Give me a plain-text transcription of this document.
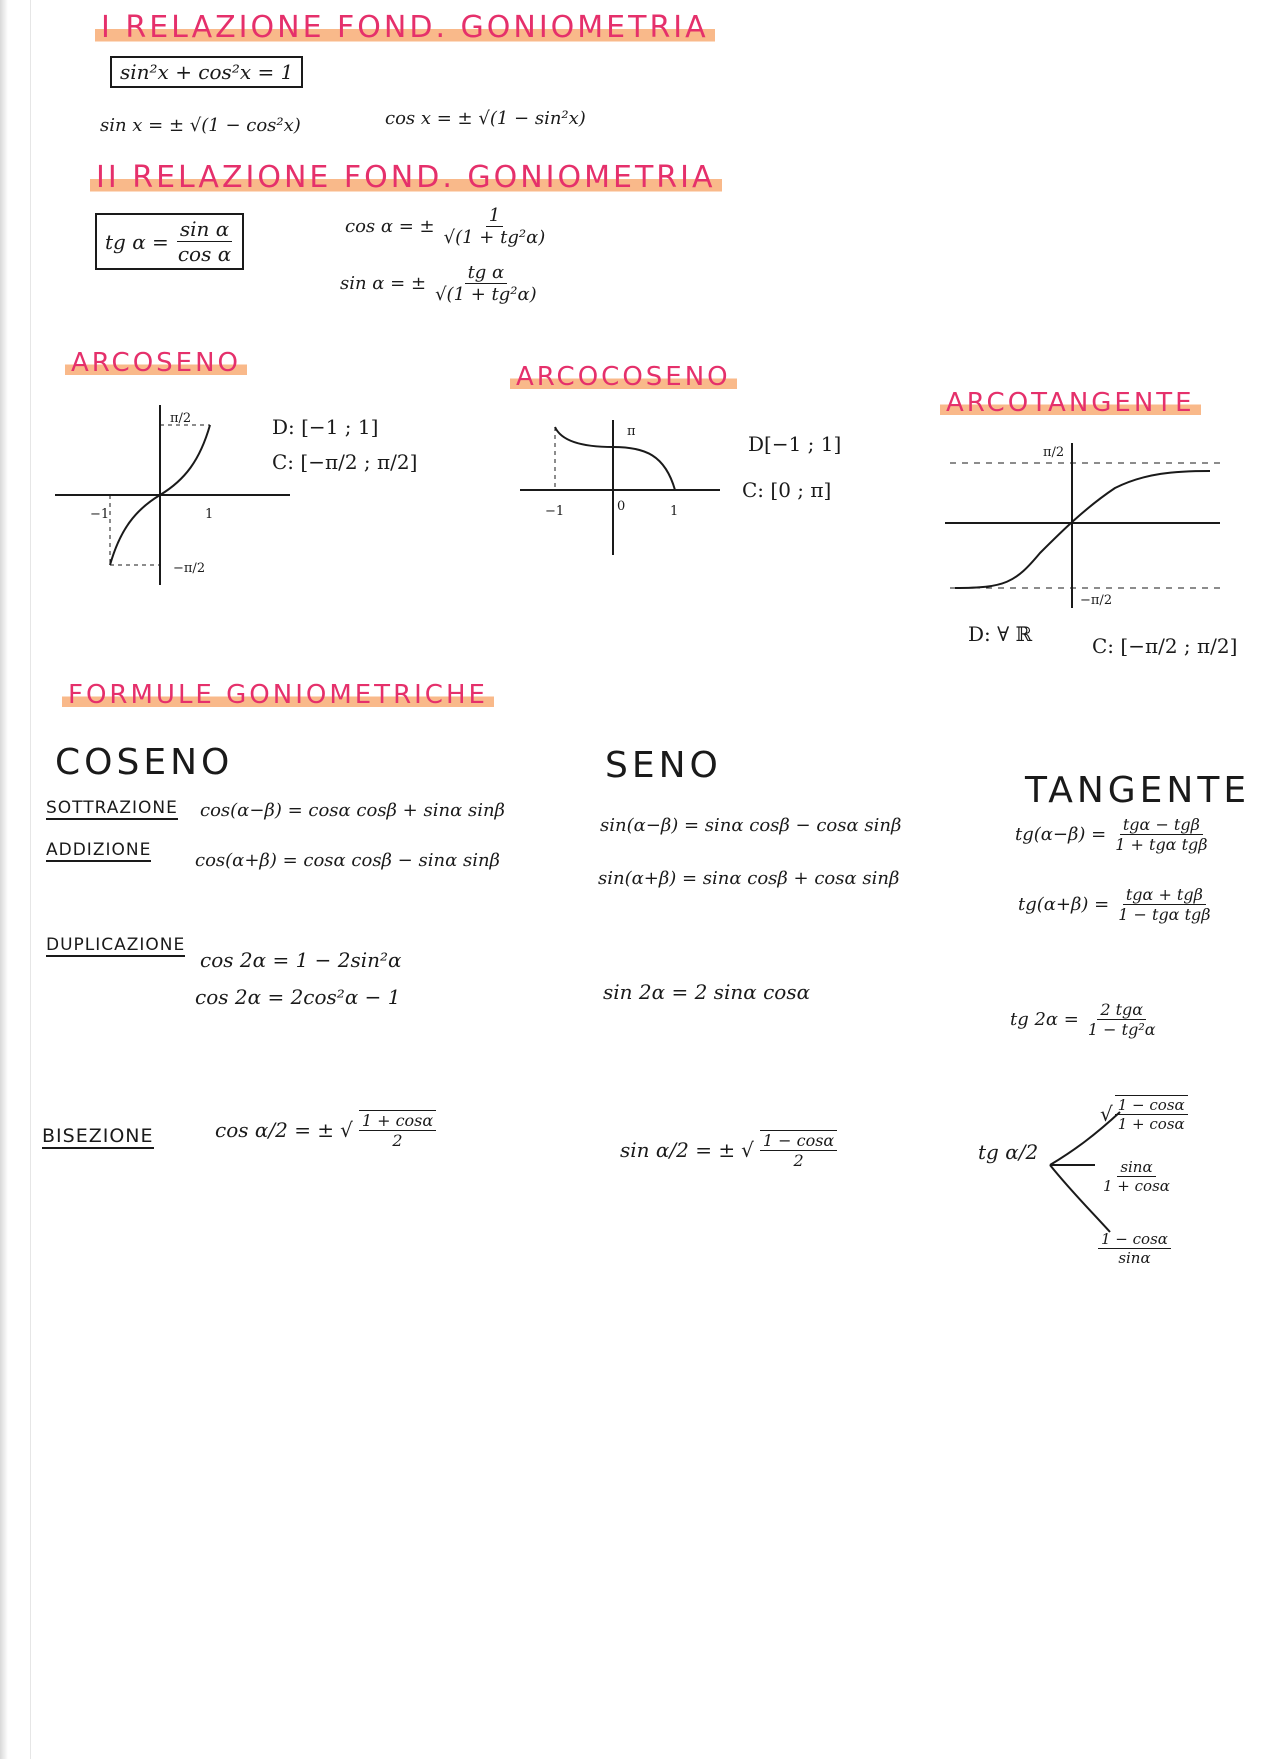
I RELAZIONE FOND. GONIOMETRIA
sin²x + cos²x = 1
sin x = ± √(1 − cos²x)	cos x = ± √(1 − sin²x)
II RELAZIONE FOND. GONIOMETRIA
tg $\alpha = \frac{\text{sin α}}{\text{cos α}}$	cos α = ± $\frac{1}{\text{√(1 + tg²α)}}$
sin α = ± $\frac{\text{tg α}}{\text{√(1 + tg²α)}}$
ARCOSENO
π/2
−π/2
−1	1
D: [−1 ; 1]
C: [−π/2 ; π/2]
ARCOCOSENO
π
−1	0	1
D[−1 ; 1]
C: [0 ; π]
ARCOTANGENTE
π/2
−π/2
D: ∀ ℝ	C: [−π/2 ; π/2]
FORMULE GONIOMETRICHE
COSENO	SENO
TANGENTE
SOTTRAZIONE
ADDIZIONE
DUPLICAZIONE
BISEZIONE
cos(α−β) = cosα cosβ + sinα sinβ
cos(α+β) = cosα cosβ − sinα sinβ
cos 2α = 1 − 2sin²α
cos 2α = 2cos²α − 1
cos α/2 = ± √ $\frac{1 + \cos\alpha}{2}$
sin(α−β) = sinα cosβ − cosα sinβ
sin(α+β) = sinα cosβ + cosα sinβ
sin 2α = 2 sinα cosα
sin α/2 = ± √ $\frac{1 - \cos\alpha}{2}$
$tg(\alpha-\beta) = \frac{\text{tgα − tgβ}}{\text{1 + tgα tgβ}}$
$tg(\alpha+\beta) = \frac{\text{tgα + tgβ}}{\text{1 − tgα tgβ}}$
tg $2\alpha = \frac{\text{2 tgα}}{\text{1 − tg²α}}$
tg α/2
√ $\frac{1 - \cos\alpha}{1 + \cos\alpha}$
$\frac{\sin\alpha}{1 + \cos\alpha}$
$\frac{1 - \cos\alpha}{\sin\alpha}$
